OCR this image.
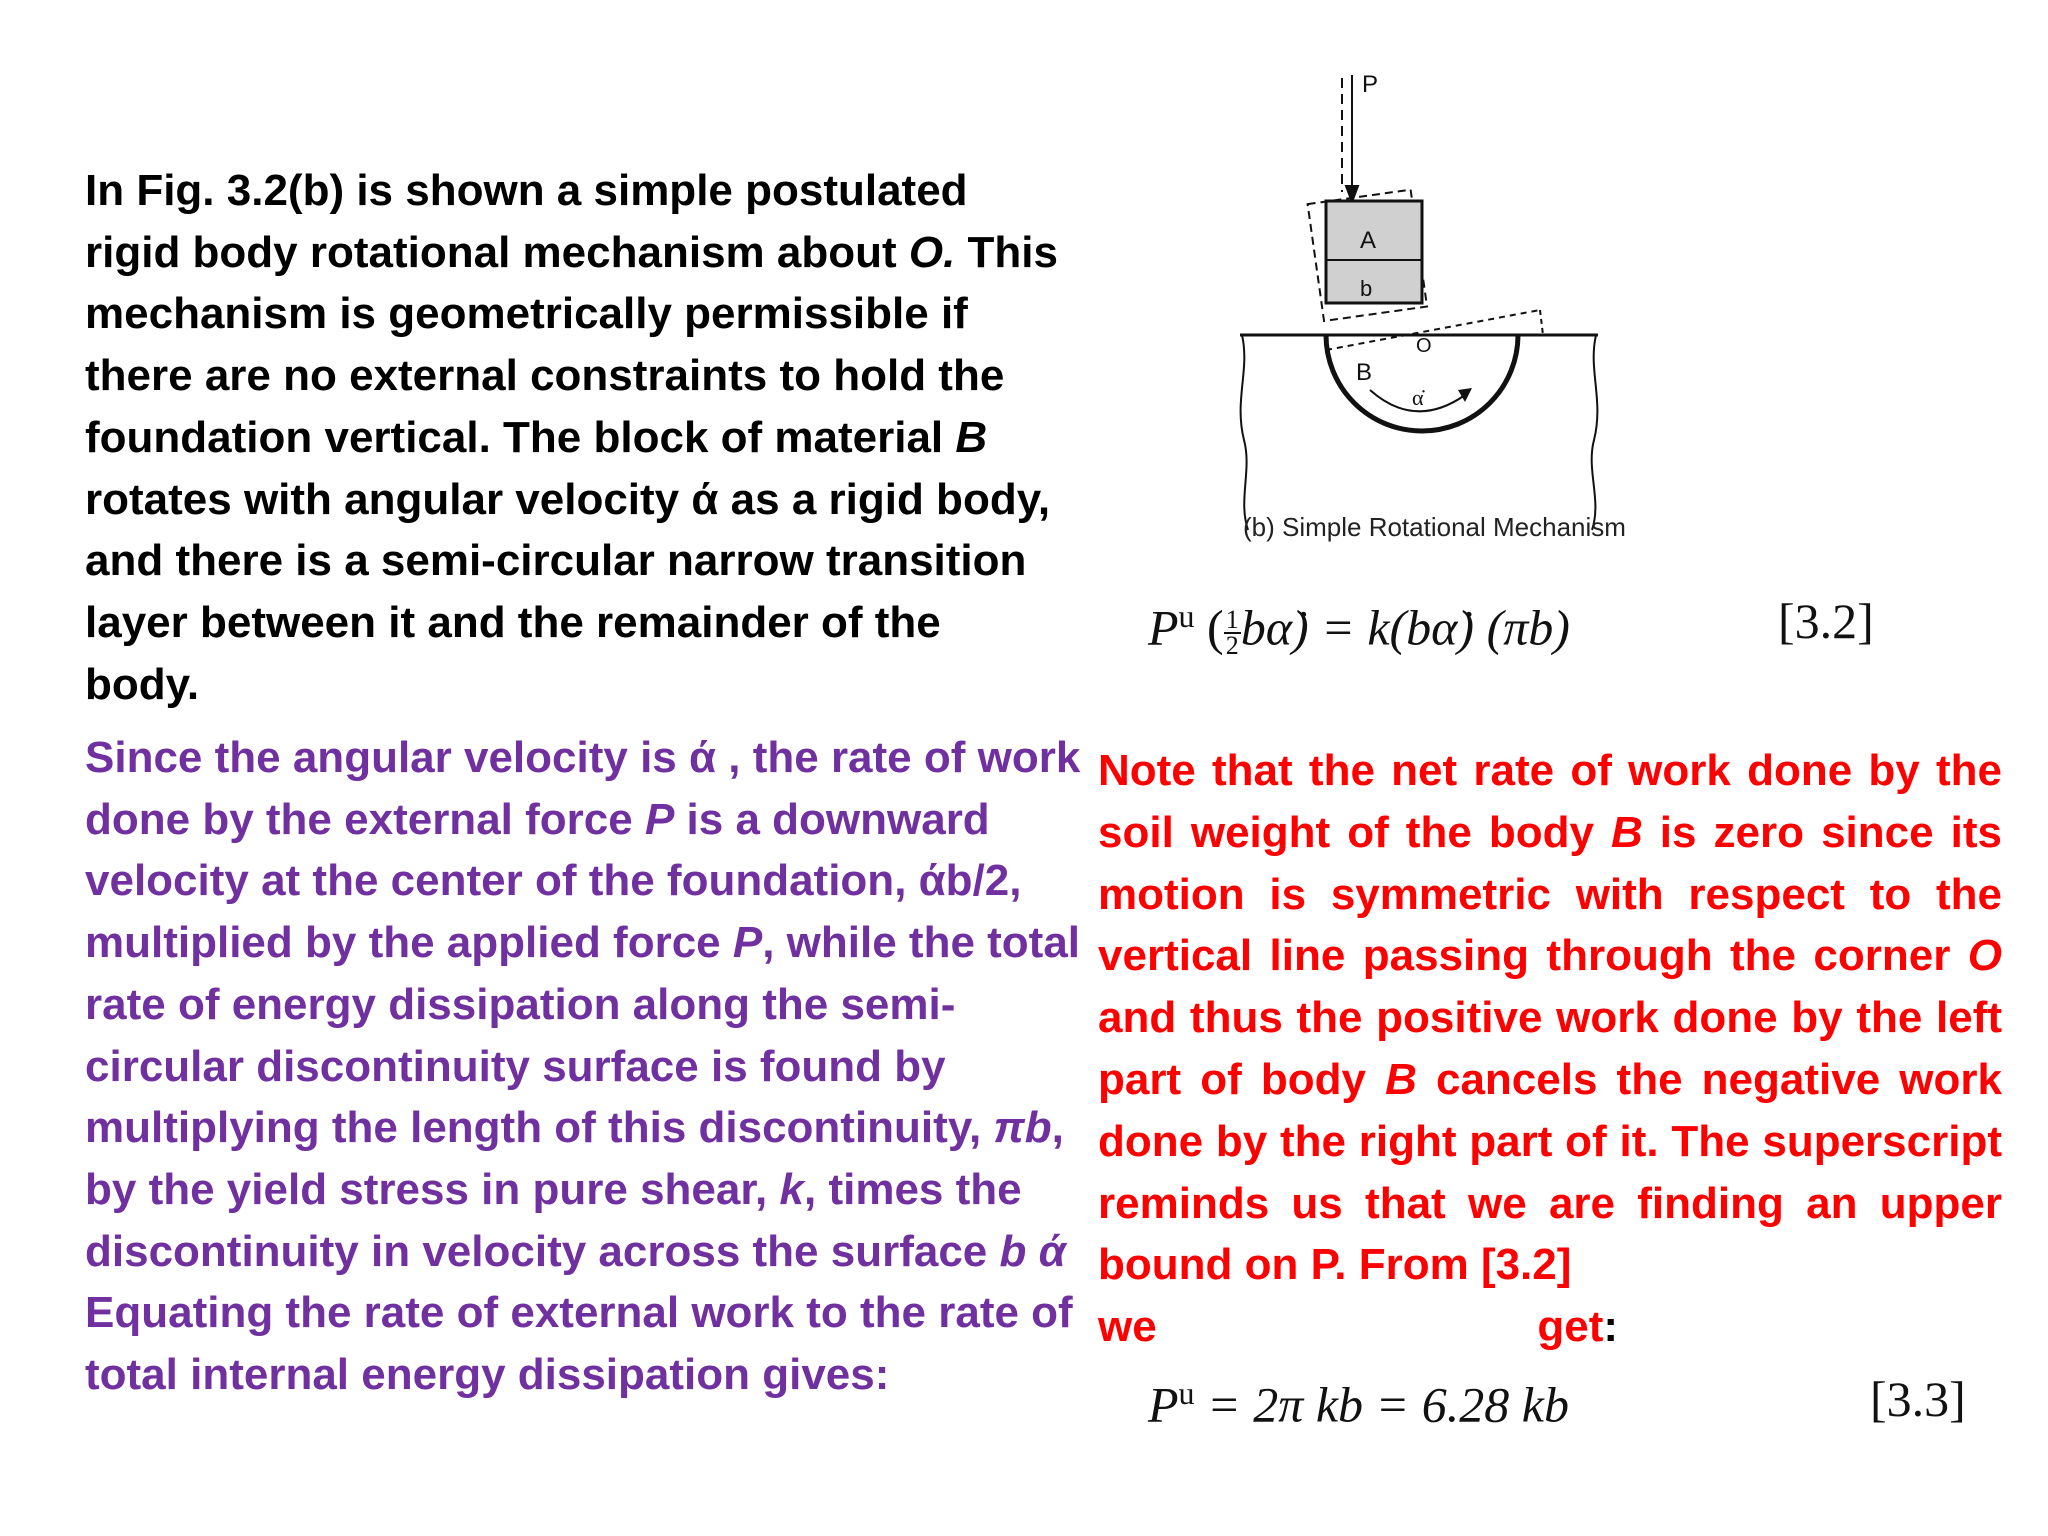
In Fig. 3.2(b) is shown a simple postulated rigid body rotational mechanism about O. This mechanism is geometrically permissible if there are no external constraints to hold the foundation vertical. The block of material B rotates with angular velocity ά as a rigid body, and there is a semi-circular narrow transition layer between it and the remainder of the body.
Since the angular velocity is ά , the rate of work done by the external force P is a downward velocity at the center of the foundation, άb/2, multiplied by the applied force P, while the total rate of energy dissipation along the semi-circular discontinuity surface is found by multiplying the length of this discontinuity, πb, by the yield stress in pure shear, k, times the discontinuity in velocity across the surface b ά Equating the rate of external work to the rate of total internal energy dissipation gives:
Note that the net rate of work done by the soil weight of the body B is zero since its motion is symmetric with respect to the vertical line passing through the corner O and thus the positive work done by the left part of body B cancels the negative work done by the right part of it. The superscript reminds us that we are finding an upper bound on P. From [3.2]
we	get:
P
A
b
O
B
α̇
(b) Simple Rotational Mechanism
$P^u$ ( $\frac{1}{2}$ bα̇) = k(bα̇) (πb)	[3.2]
$P^u = 2\pi$ kb = 6.28 kb	[3.3]
